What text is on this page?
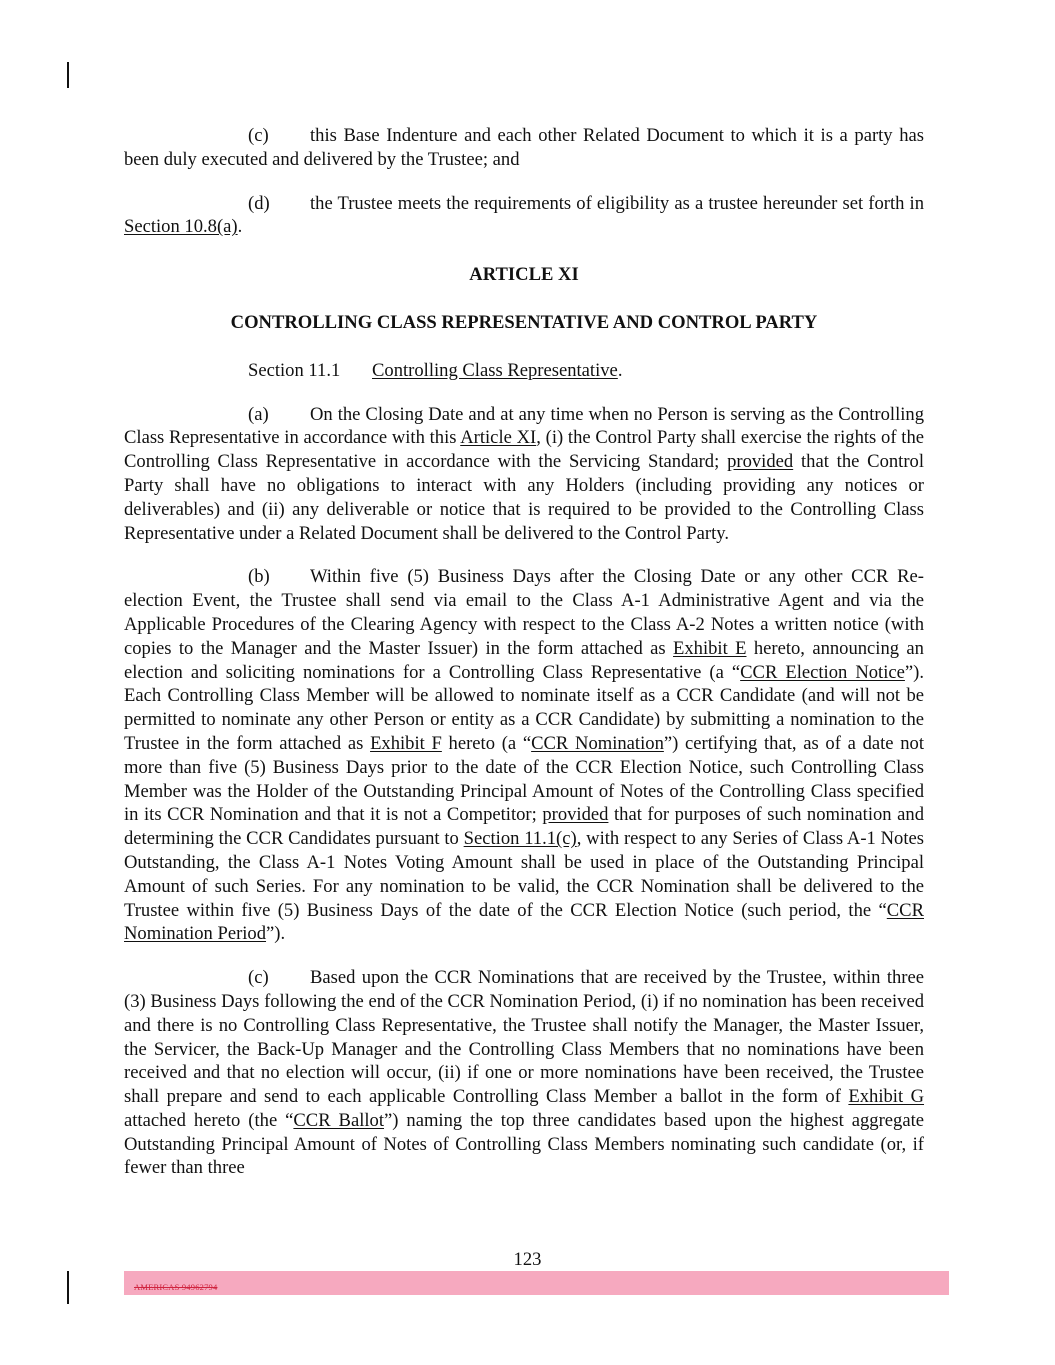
(c) this Base Indenture and each other Related Document to which it is a party has been duly executed and delivered by the Trustee; and

(d) the Trustee meets the requirements of eligibility as a trustee hereunder set forth in Section 10.8(a).

ARTICLE XI
CONTROLLING CLASS REPRESENTATIVE AND CONTROL PARTY
Section 11.1 Controlling Class Representative.

(a) On the Closing Date and at any time when no Person is serving as the Controlling Class Representative in accordance with this Article XI, (i) the Control Party shall exercise the rights of the Controlling Class Representative in accordance with the Servicing Standard; provided that the Control Party shall have no obligations to interact with any Holders (including providing any notices or deliverables) and (ii) any deliverable or notice that is required to be provided to the Controlling Class Representative under a Related Document shall be delivered to the Control Party.

(b) Within five (5) Business Days after the Closing Date or any other CCR Re-election Event, the Trustee shall send via email to the Class A-1 Administrative Agent and via the Applicable Procedures of the Clearing Agency with respect to the Class A-2 Notes a written notice (with copies to the Manager and the Master Issuer) in the form attached as Exhibit E hereto, announcing an election and soliciting nominations for a Controlling Class Representative (a “CCR Election Notice”). Each Controlling Class Member will be allowed to nominate itself as a CCR Candidate (and will not be permitted to nominate any other Person or entity as a CCR Candidate) by submitting a nomination to the Trustee in the form attached as Exhibit F hereto (a “CCR Nomination”) certifying that, as of a date not more than five (5) Business Days prior to the date of the CCR Election Notice, such Controlling Class Member was the Holder of the Outstanding Principal Amount of Notes of the Controlling Class specified in its CCR Nomination and that it is not a Competitor; provided that for purposes of such nomination and determining the CCR Candidates pursuant to Section 11.1(c), with respect to any Series of Class A-1 Notes Outstanding, the Class A-1 Notes Voting Amount shall be used in place of the Outstanding Principal Amount of such Series. For any nomination to be valid, the CCR Nomination shall be delivered to the Trustee within five (5) Business Days of the date of the CCR Election Notice (such period, the “CCR Nomination Period”).

(c) Based upon the CCR Nominations that are received by the Trustee, within three (3) Business Days following the end of the CCR Nomination Period, (i) if no nomination has been received and there is no Controlling Class Representative, the Trustee shall notify the Manager, the Master Issuer, the Servicer, the Back-Up Manager and the Controlling Class Members that no nominations have been received and that no election will occur, (ii) if one or more nominations have been received, the Trustee shall prepare and send to each applicable Controlling Class Member a ballot in the form of Exhibit G attached hereto (the “CCR Ballot”) naming the top three candidates based upon the highest aggregate Outstanding Principal Amount of Notes of Controlling Class Members nominating such candidate (or, if fewer than three

123
AMERICAS 94962794
